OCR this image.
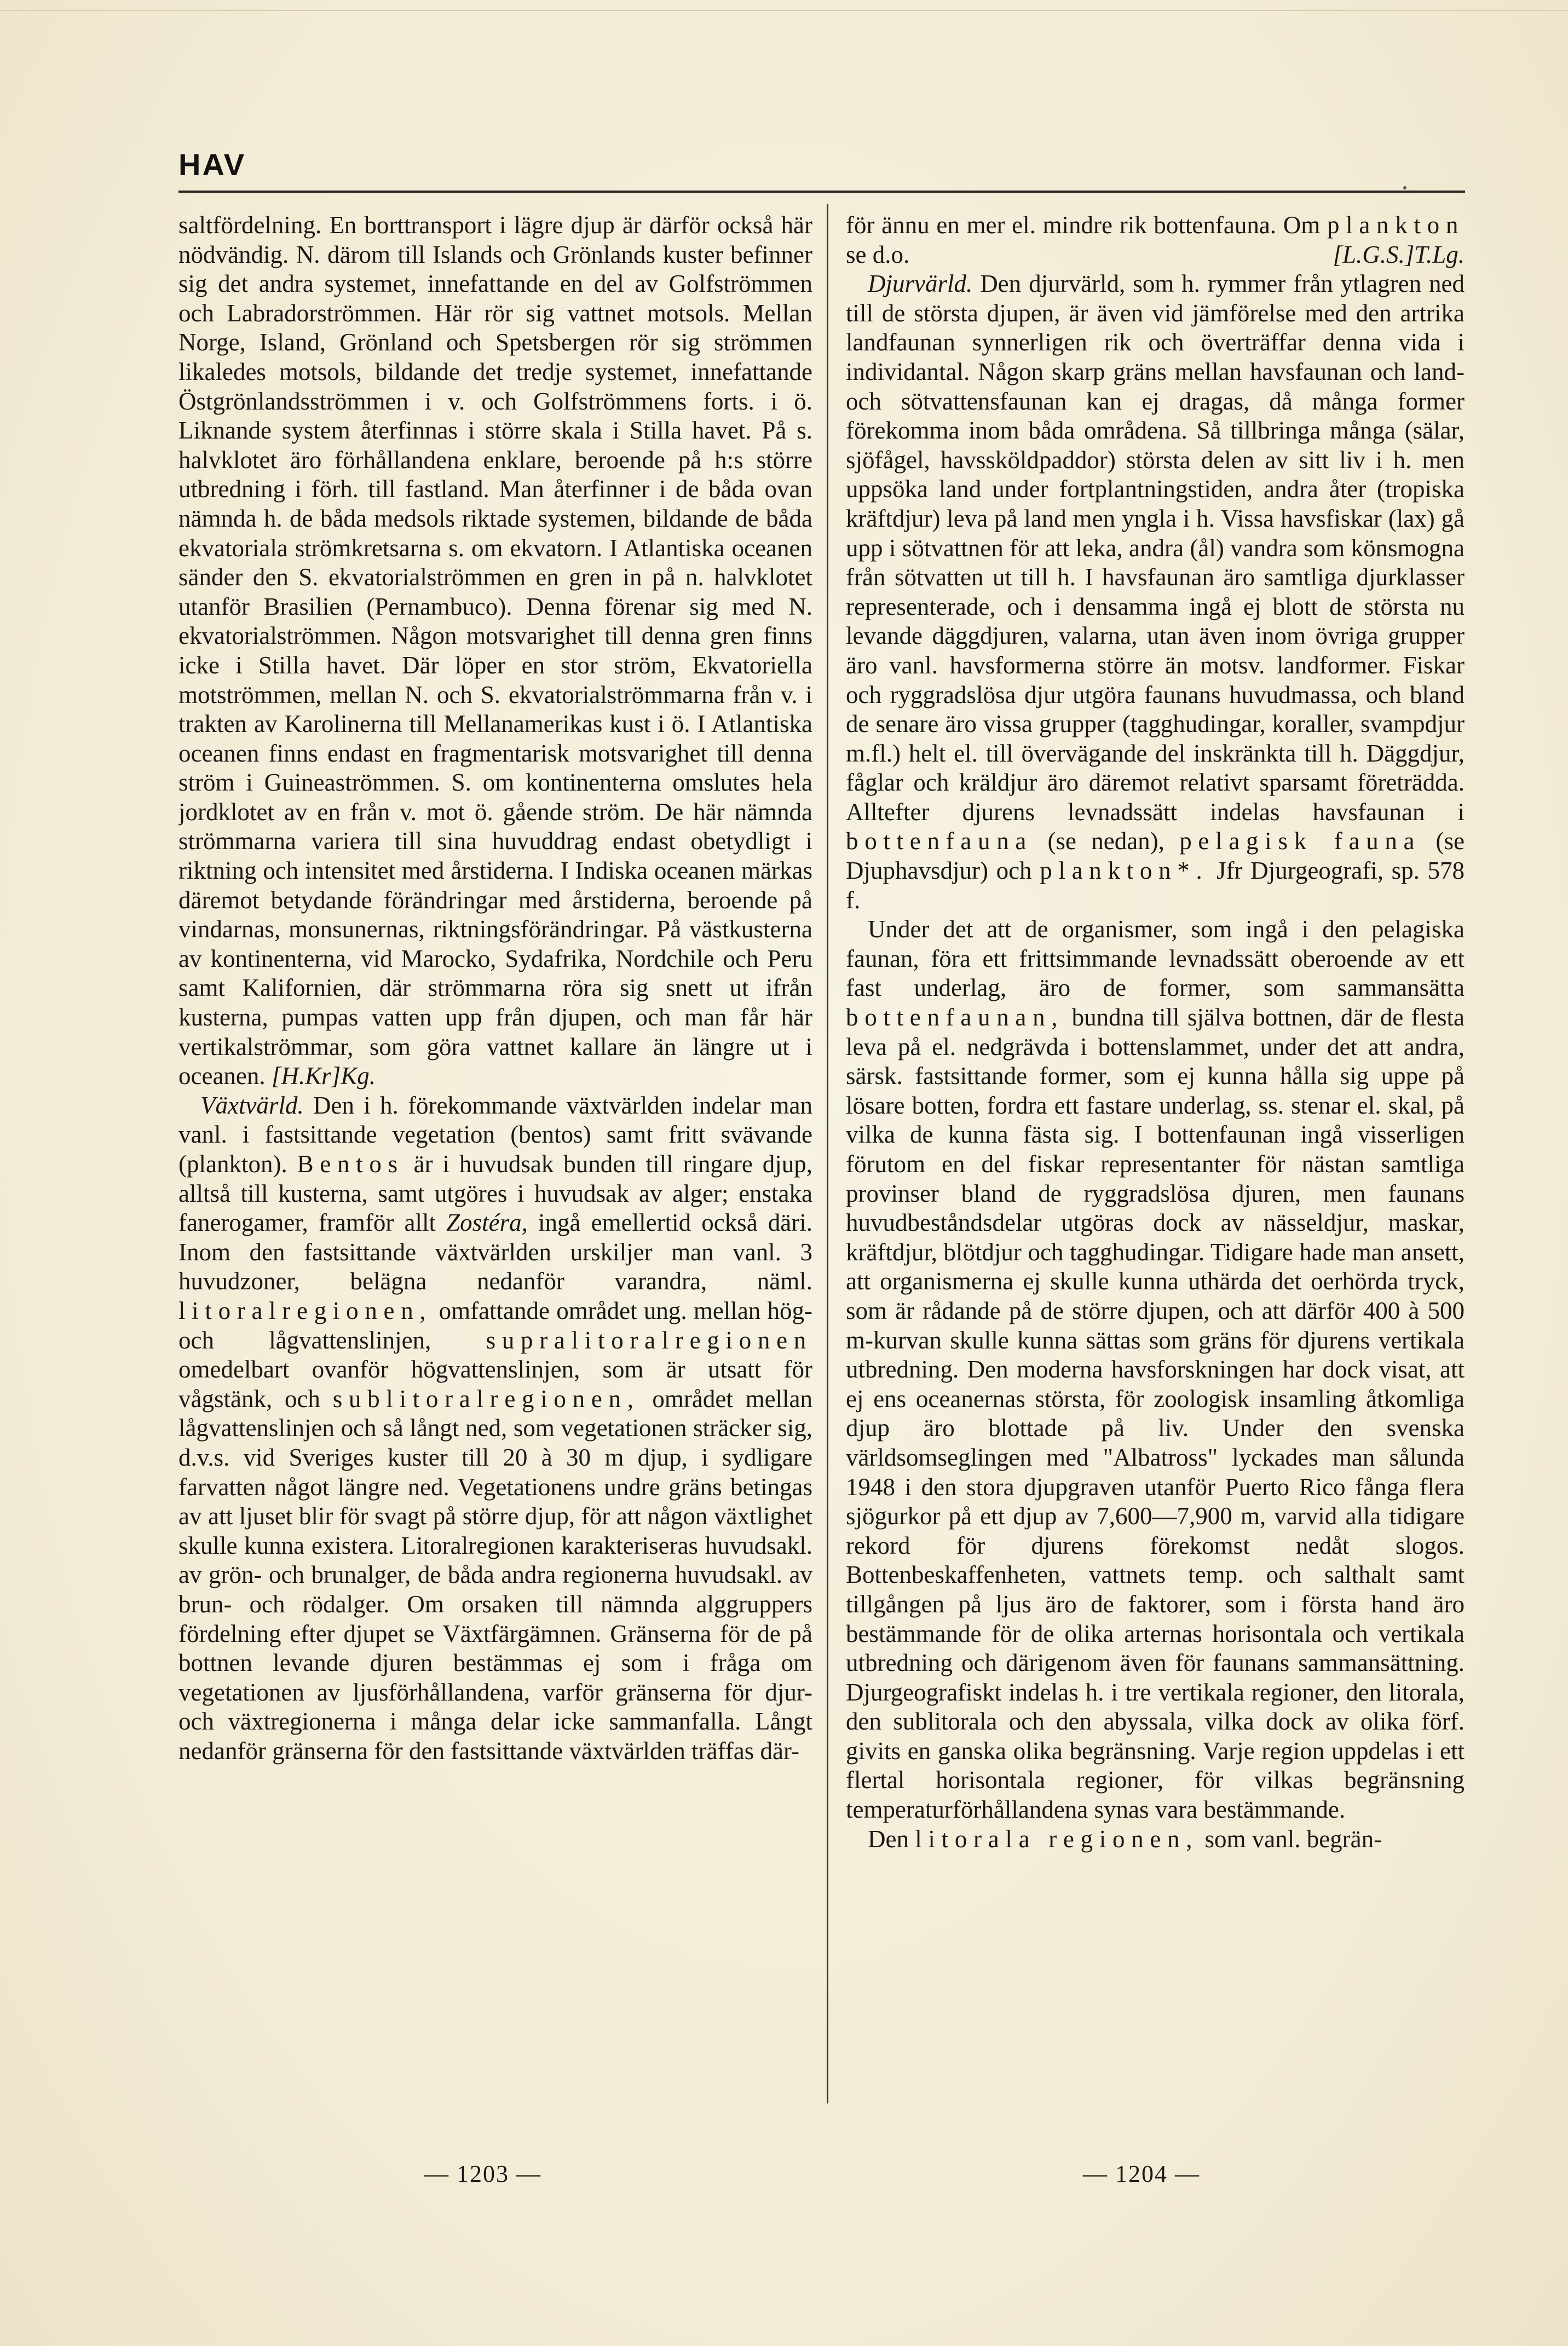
HAV

saltfördelning. En borttransport i lägre djup är därför också här nödvändig. N. därom till Islands och Grönlands kuster befinner sig det andra systemet, innefattande en del av Golfströmmen och Labradorströmmen. Här rör sig vattnet motsols. Mellan Norge, Island, Grönland och Spetsbergen rör sig strömmen likaledes motsols, bildande det tredje systemet, innefattande Östgrönlandsströmmen i v. och Golfströmmens forts. i ö. Liknande system återfinnas i större skala i Stilla havet. På s. halvklotet äro förhållandena enklare, beroende på h:s större utbredning i förh. till fastland. Man återfinner i de båda ovan nämnda h. de båda medsols riktade systemen, bildande de båda ekvatoriala strömkretsarna s. om ekvatorn. I Atlantiska oceanen sänder den S. ekvatorialströmmen en gren in på n. halvklotet utanför Brasilien (Pernambuco). Denna förenar sig med N. ekvatorialströmmen. Någon motsvarighet till denna gren finns icke i Stilla havet. Där löper en stor ström, Ekvatoriella motströmmen, mellan N. och S. ekvatorialströmmarna från v. i trakten av Karolinerna till Mellanamerikas kust i ö. I Atlantiska oceanen finns endast en fragmentarisk motsvarighet till denna ström i Guineaströmmen. S. om kontinenterna omslutes hela jordklotet av en från v. mot ö. gående ström. De här nämnda strömmarna variera till sina huvuddrag endast obetydligt i riktning och intensitet med årstiderna. I Indiska oceanen märkas däremot betydande förändringar med årstiderna, beroende på vindarnas, monsunernas, riktningsförändringar. På västkusterna av kontinenterna, vid Marocko, Sydafrika, Nordchile och Peru samt Kalifornien, där strömmarna röra sig snett ut ifrån kusterna, pumpas vatten upp från djupen, och man får här vertikalströmmar, som göra vattnet kallare än längre ut i oceanen. [H.Kr]Kg.

Växtvärld. Den i h. förekommande växtvärlden indelar man vanl. i fastsittande vegetation (bentos) samt fritt svävande (plankton). Bentos är i huvudsak bunden till ringare djup, alltså till kusterna, samt utgöres i huvudsak av alger; enstaka fanerogamer, framför allt Zostéra, ingå emellertid också däri. Inom den fastsittande växtvärlden urskiljer man vanl. 3 huvudzoner, belägna nedanför varandra, näml. litoralregionen, omfattande området ung. mellan hög- och lågvattenslinjen, supralitoralregionen omedelbart ovanför högvattenslinjen, som är utsatt för vågstänk, och sublitoralregionen, området mellan lågvattenslinjen och så långt ned, som vegetationen sträcker sig, d.v.s. vid Sveriges kuster till 20 à 30 m djup, i sydligare farvatten något längre ned. Vegetationens undre gräns betingas av att ljuset blir för svagt på större djup, för att någon växtlighet skulle kunna existera. Litoralregionen karakteriseras huvudsakl. av grön- och brunalger, de båda andra regionerna huvudsakl. av brun- och rödalger. Om orsaken till nämnda alggruppers fördelning efter djupet se Växtfärgämnen. Gränserna för de på bottnen levande djuren bestämmas ej som i fråga om vegetationen av ljusförhållandena, varför gränserna för djur- och växtregionerna i många delar icke sammanfalla. Långt nedanför gränserna för den fastsittande växtvärlden träffas där-

för ännu en mer el. mindre rik bottenfauna. Om plankton se d.o.	[L.G.S.]T.Lg.

Djurvärld. Den djurvärld, som h. rymmer från ytlagren ned till de största djupen, är även vid jämförelse med den artrika landfaunan synnerligen rik och överträffar denna vida i individantal. Någon skarp gräns mellan havsfaunan och land- och sötvattensfaunan kan ej dragas, då många former förekomma inom båda områdena. Så tillbringa många (sälar, sjöfågel, havssköldpaddor) största delen av sitt liv i h. men uppsöka land under fortplantningstiden, andra åter (tropiska kräftdjur) leva på land men yngla i h. Vissa havsfiskar (lax) gå upp i sötvattnen för att leka, andra (ål) vandra som könsmogna från sötvatten ut till h. I havsfaunan äro samtliga djurklasser representerade, och i densamma ingå ej blott de största nu levande däggdjuren, valarna, utan även inom övriga grupper äro vanl. havsformerna större än motsv. landformer. Fiskar och ryggradslösa djur utgöra faunans huvudmassa, och bland de senare äro vissa grupper (tagghudingar, koraller, svampdjur m.fl.) helt el. till övervägande del inskränkta till h. Däggdjur, fåglar och kräldjur äro däremot relativt sparsamt företrädda. Alltefter djurens levnadssätt indelas havsfaunan i bottenfauna (se nedan), pelagisk fauna (se Djuphavsdjur) och plankton*. Jfr Djurgeografi, sp. 578 f.

Under det att de organismer, som ingå i den pelagiska faunan, föra ett frittsimmande levnadssätt oberoende av ett fast underlag, äro de former, som sammansätta bottenfaunan, bundna till själva bottnen, där de flesta leva på el. nedgrävda i bottenslammet, under det att andra, särsk. fastsittande former, som ej kunna hålla sig uppe på lösare botten, fordra ett fastare underlag, ss. stenar el. skal, på vilka de kunna fästa sig. I bottenfaunan ingå visserligen förutom en del fiskar representanter för nästan samtliga provinser bland de ryggradslösa djuren, men faunans huvudbeståndsdelar utgöras dock av nässeldjur, maskar, kräftdjur, blötdjur och tagghudingar. Tidigare hade man ansett, att organismerna ej skulle kunna uthärda det oerhörda tryck, som är rådande på de större djupen, och att därför 400 à 500 m-kurvan skulle kunna sättas som gräns för djurens vertikala utbredning. Den moderna havsforskningen har dock visat, att ej ens oceanernas största, för zoologisk insamling åtkomliga djup äro blottade på liv. Under den svenska världsomseglingen med "Albatross" lyckades man sålunda 1948 i den stora djupgraven utanför Puerto Rico fånga flera sjögurkor på ett djup av 7,600—7,900 m, varvid alla tidigare rekord för djurens förekomst nedåt slogos. Bottenbeskaffenheten, vattnets temp. och salthalt samt tillgången på ljus äro de faktorer, som i första hand äro bestämmande för de olika arternas horisontala och vertikala utbredning och därigenom även för faunans sammansättning. Djurgeografiskt indelas h. i tre vertikala regioner, den litorala, den sublitorala och den abyssala, vilka dock av olika förf. givits en ganska olika begränsning. Varje region uppdelas i ett flertal horisontala regioner, för vilkas begränsning temperaturförhållandena synas vara bestämmande.

Den litorala regionen, som vanl. begrän-

— 1203 —	— 1204 —
